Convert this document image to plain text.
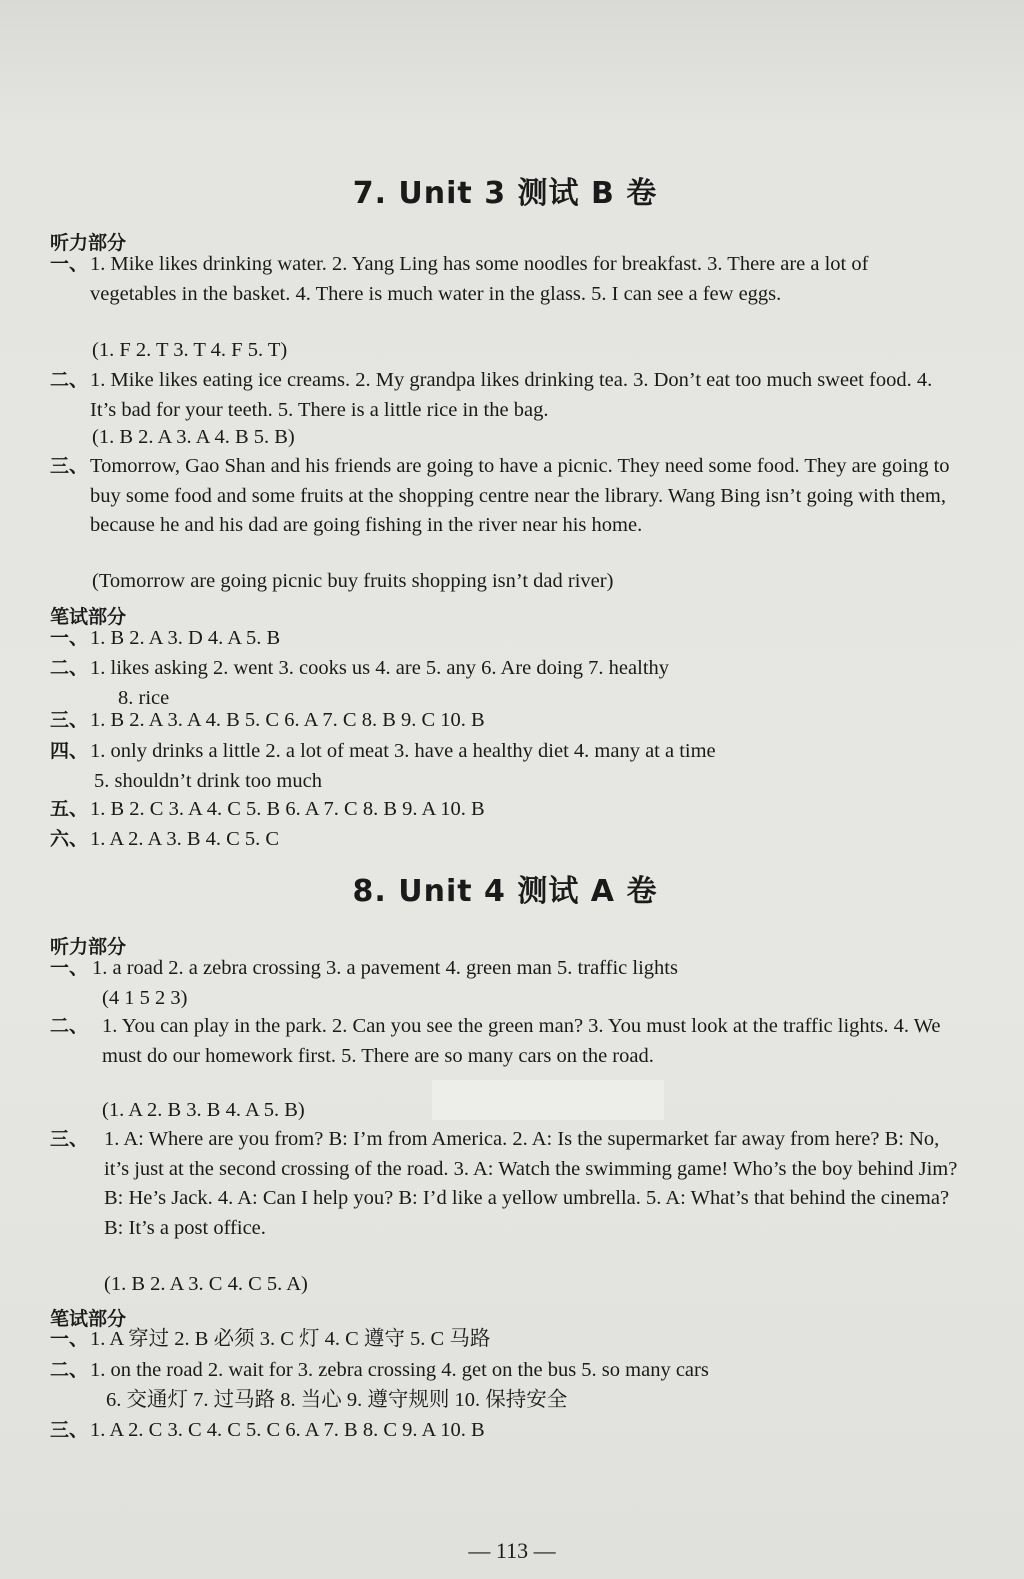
7. Unit 3 测试 B 卷
听力部分
一、 1. Mike likes drinking water. 2. Yang Ling has some noodles for breakfast. 3. There are a lot of vegetables in the basket. 4. There is much water in the glass. 5. I can see a few eggs.
(1. F 2. T 3. T 4. F 5. T)
二、 1. Mike likes eating ice creams. 2. My grandpa likes drinking tea. 3. Don’t eat too much sweet food. 4. It’s bad for your teeth. 5. There is a little rice in the bag.
(1. B 2. A 3. A 4. B 5. B)
三、 Tomorrow, Gao Shan and his friends are going to have a picnic. They need some food. They are going to buy some food and some fruits at the shopping centre near the library. Wang Bing isn’t going with them, because he and his dad are going fishing in the river near his home.
(Tomorrow are going picnic buy fruits shopping isn’t dad river)
笔试部分
一、 1. B 2. A 3. D 4. A 5. B
二、 1. likes asking 2. went 3. cooks us 4. are 5. any 6. Are doing 7. healthy
8. rice
三、 1. B 2. A 3. A 4. B 5. C 6. A 7. C 8. B 9. C 10. B
四、 1. only drinks a little 2. a lot of meat 3. have a healthy diet 4. many at a time
5. shouldn’t drink too much
五、 1. B 2. C 3. A 4. C 5. B 6. A 7. C 8. B 9. A 10. B
六、 1. A 2. A 3. B 4. C 5. C
8. Unit 4 测试 A 卷
听力部分
一、 1. a road 2. a zebra crossing 3. a pavement 4. green man 5. traffic lights
(4 1 5 2 3)
二、 1. You can play in the park. 2. Can you see the green man? 3. You must look at the traffic lights. 4. We must do our homework first. 5. There are so many cars on the road.
(1. A 2. B 3. B 4. A 5. B)
三、 1. A: Where are you from? B: I’m from America. 2. A: Is the supermarket far away from here? B: No, it’s just at the second crossing of the road. 3. A: Watch the swimming game! Who’s the boy behind Jim? B: He’s Jack. 4. A: Can I help you? B: I’d like a yellow umbrella. 5. A: What’s that behind the cinema? B: It’s a post office.
(1. B 2. A 3. C 4. C 5. A)
笔试部分
一、 1. A 穿过 2. B 必须 3. C 灯 4. C 遵守 5. C 马路
二、 1. on the road 2. wait for 3. zebra crossing 4. get on the bus 5. so many cars
6. 交通灯 7. 过马路 8. 当心 9. 遵守规则 10. 保持安全
三、 1. A 2. C 3. C 4. C 5. C 6. A 7. B 8. C 9. A 10. B
— 113 —
